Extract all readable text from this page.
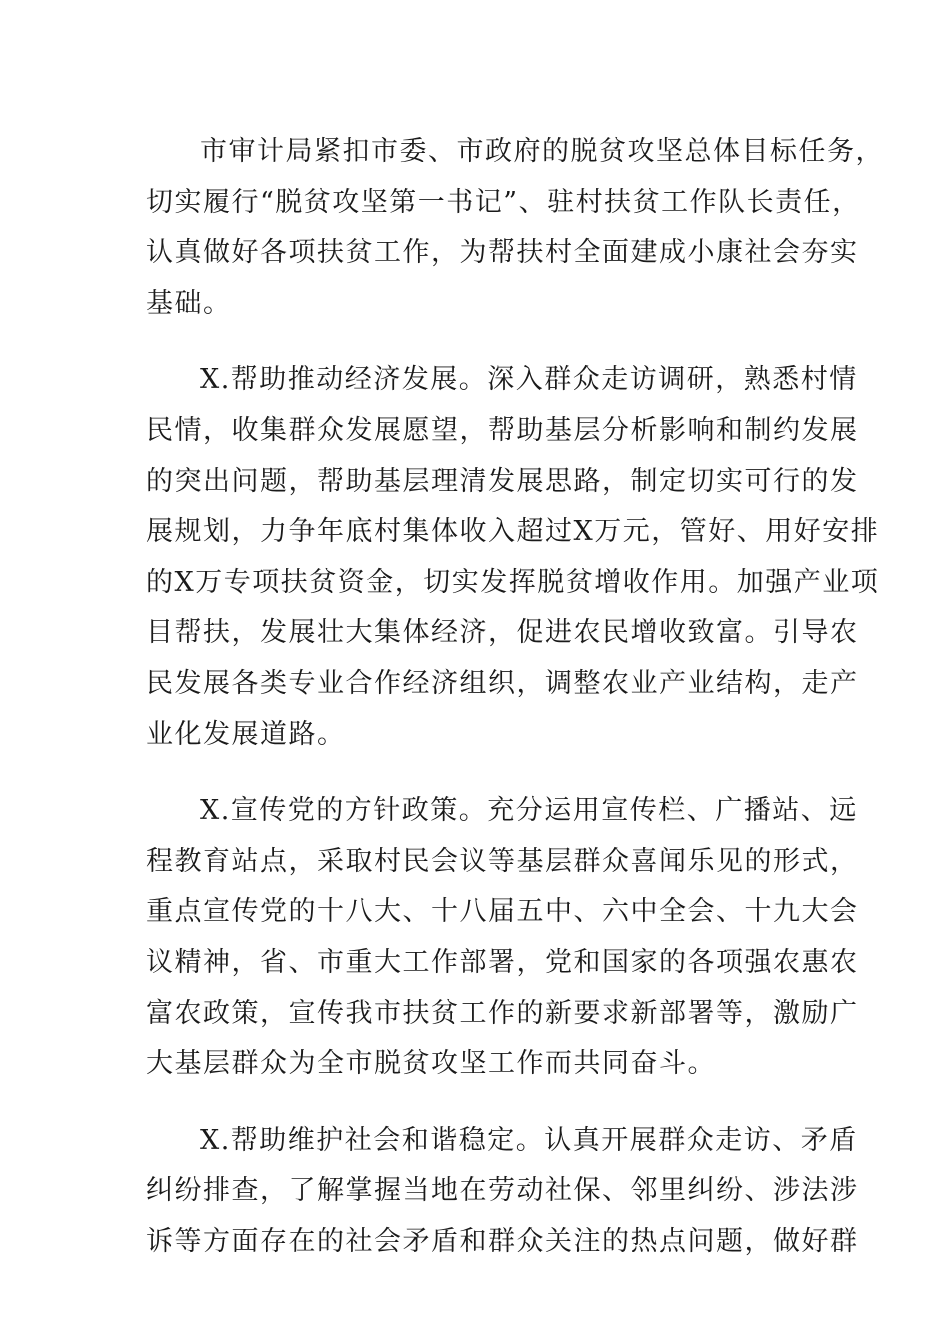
市审计局紧扣市委、市政府的脱贫攻坚总体目标任务，
切实履行“脱贫攻坚第一书记”、驻村扶贫工作队长责任，
认真做好各项扶贫工作，为帮扶村全面建成小康社会夯实
基础。

X.帮助推动经济发展。深入群众走访调研，熟悉村情
民情，收集群众发展愿望，帮助基层分析影响和制约发展
的突出问题，帮助基层理清发展思路，制定切实可行的发
展规划，力争年底村集体收入超过X万元，管好、用好安排
的X万专项扶贫资金，切实发挥脱贫增收作用。加强产业项
目帮扶，发展壮大集体经济，促进农民增收致富。引导农
民发展各类专业合作经济组织，调整农业产业结构，走产
业化发展道路。

X.宣传党的方针政策。充分运用宣传栏、广播站、远
程教育站点，采取村民会议等基层群众喜闻乐见的形式，
重点宣传党的十八大、十八届五中、六中全会、十九大会
议精神，省、市重大工作部署，党和国家的各项强农惠农
富农政策，宣传我市扶贫工作的新要求新部署等，激励广
大基层群众为全市脱贫攻坚工作而共同奋斗。

X.帮助维护社会和谐稳定。认真开展群众走访、矛盾
纠纷排查，了解掌握当地在劳动社保、邻里纠纷、涉法涉
诉等方面存在的社会矛盾和群众关注的热点问题，做好群
